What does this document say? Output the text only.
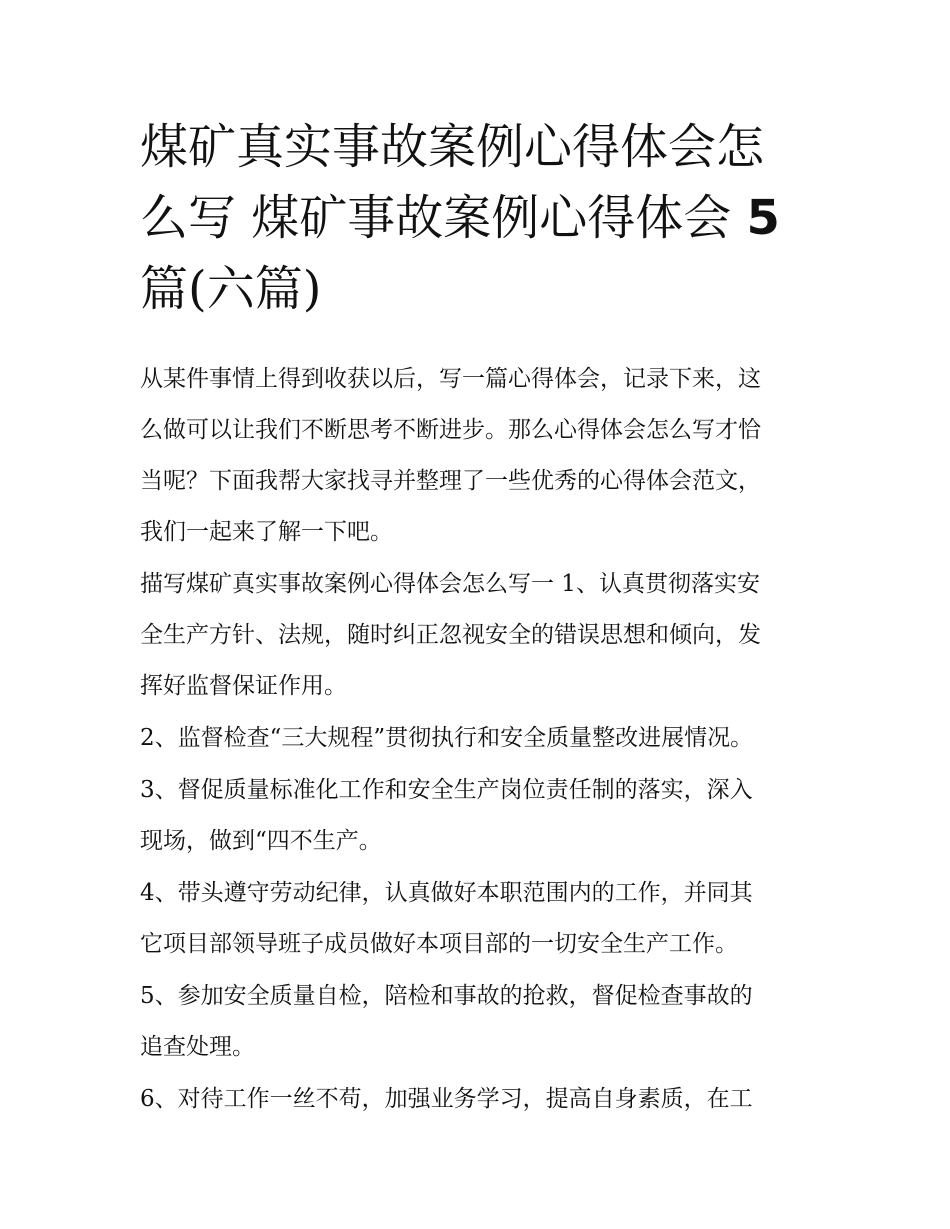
煤矿真实事故案例心得体会怎
么写 煤矿事故案例心得体会 5
篇(六篇)

从某件事情上得到收获以后，写一篇心得体会，记录下来，这
么做可以让我们不断思考不断进步。那么心得体会怎么写才恰
当呢？下面我帮大家找寻并整理了一些优秀的心得体会范文，
我们一起来了解一下吧。

描写煤矿真实事故案例心得体会怎么写一 1、认真贯彻落实安
全生产方针、法规，随时纠正忽视安全的错误思想和倾向，发
挥好监督保证作用。

2、监督检查“三大规程”贯彻执行和安全质量整改进展情况。

3、督促质量标准化工作和安全生产岗位责任制的落实，深入
现场，做到“四不生产。

4、带头遵守劳动纪律，认真做好本职范围内的工作，并同其
它项目部领导班子成员做好本项目部的一切安全生产工作。

5、参加安全质量自检，陪检和事故的抢救，督促检查事故的
追查处理。

6、对待工作一丝不苟，加强业务学习，提高自身素质，在工
